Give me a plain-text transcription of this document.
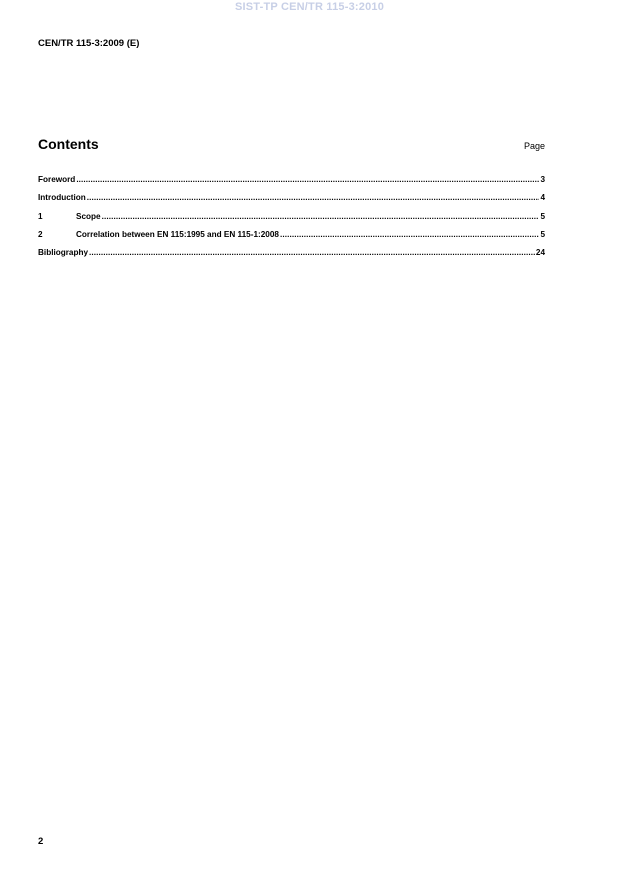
SIST-TP CEN/TR 115-3:2010
CEN/TR 115-3:2009 (E)
Contents	Page
Foreword .....	3
Introduction .....	4
1	Scope .....	5
2	Correlation between EN 115:1995 and EN 115-1:2008 .....	5
Bibliography .....	24
2
